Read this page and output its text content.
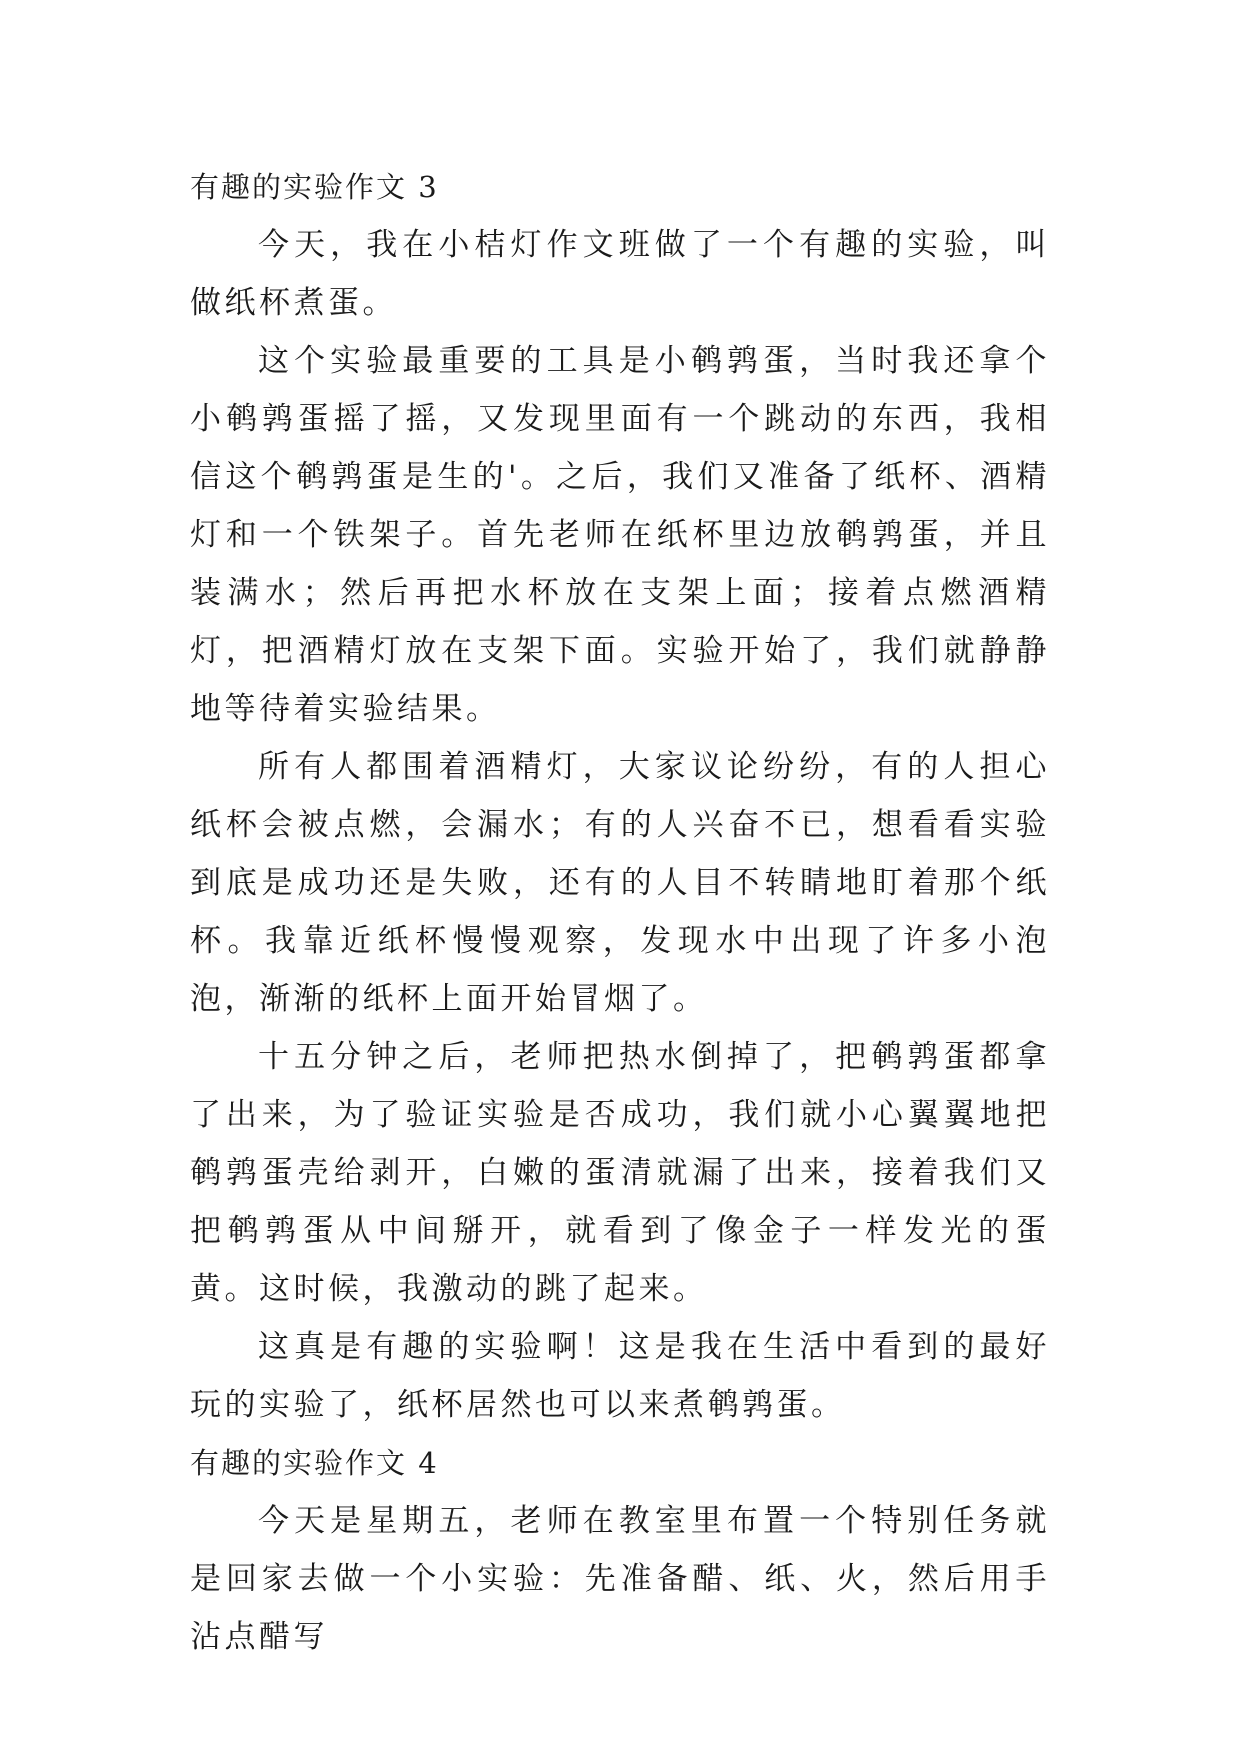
有趣的实验作文 3

今天，我在小桔灯作文班做了一个有趣的实验，叫做纸杯煮蛋。

这个实验最重要的工具是小鹌鹑蛋，当时我还拿个小鹌鹑蛋摇了摇，又发现里面有一个跳动的东西，我相信这个鹌鹑蛋是生的'。之后，我们又准备了纸杯、酒精灯和一个铁架子。首先老师在纸杯里边放鹌鹑蛋，并且装满水；然后再把水杯放在支架上面；接着点燃酒精灯，把酒精灯放在支架下面。实验开始了，我们就静静地等待着实验结果。

所有人都围着酒精灯，大家议论纷纷，有的人担心纸杯会被点燃，会漏水；有的人兴奋不已，想看看实验到底是成功还是失败，还有的人目不转睛地盯着那个纸杯。我靠近纸杯慢慢观察，发现水中出现了许多小泡泡，渐渐的纸杯上面开始冒烟了。

十五分钟之后，老师把热水倒掉了，把鹌鹑蛋都拿了出来，为了验证实验是否成功，我们就小心翼翼地把鹌鹑蛋壳给剥开，白嫩的蛋清就漏了出来，接着我们又把鹌鹑蛋从中间掰开，就看到了像金子一样发光的蛋黄。这时候，我激动的跳了起来。

这真是有趣的实验啊！这是我在生活中看到的最好玩的实验了，纸杯居然也可以来煮鹌鹑蛋。

有趣的实验作文 4

今天是星期五，老师在教室里布置一个特别任务就是回家去做一个小实验：先准备醋、纸、火，然后用手沾点醋写
